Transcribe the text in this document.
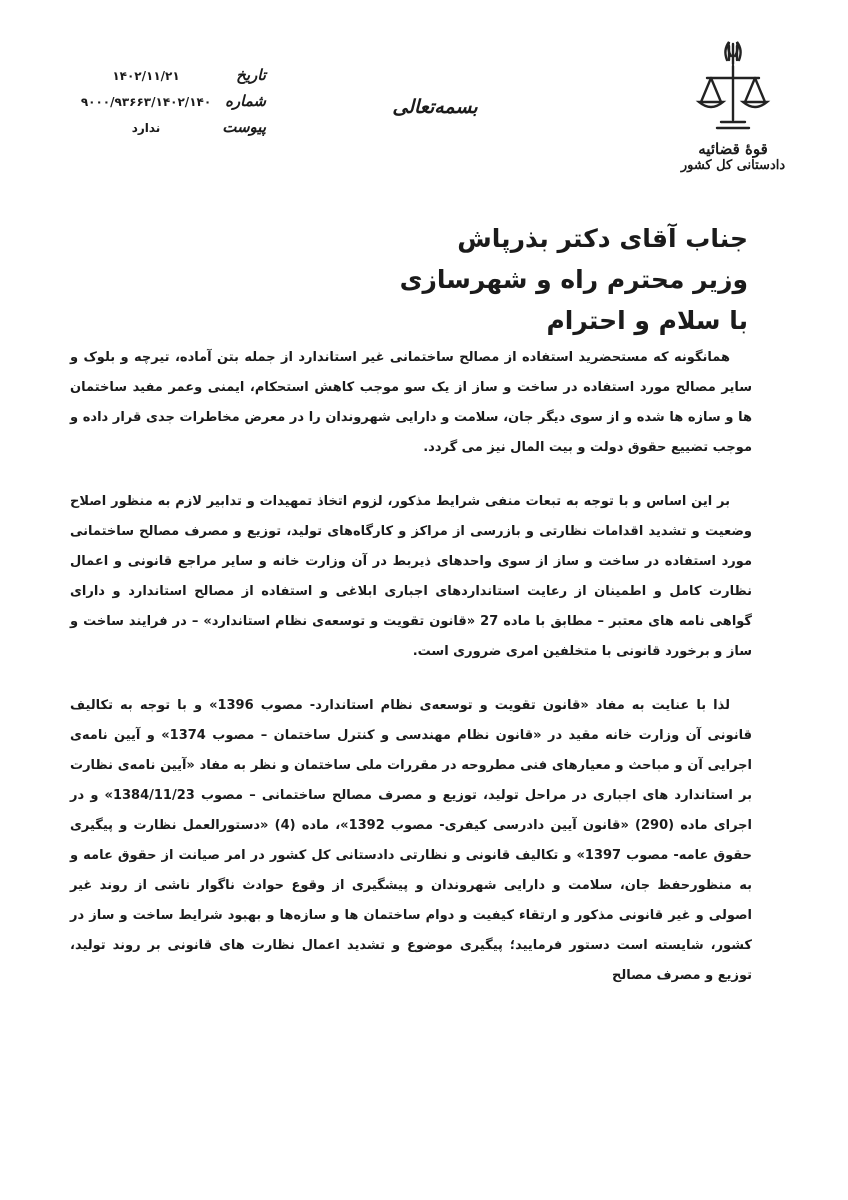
قوهٔ قضائیه
دادستانی کل کشور
بسمه‌تعالی
تاریخ
۱۴۰۲/۱۱/۲۱
شماره
۹۰۰۰/۹۳۶۶۳/۱۴۰۲/۱۴۰
پیوست
ندارد
جناب آقای دکتر بذرپاش
وزیر محترم راه و شهرسازی
با سلام و احترام

همانگونه که مستحضرید استفاده از مصالح ساختمانی غیر استاندارد از جمله بتن آماده، تیرچه و بلوک و سایر مصالح مورد استفاده در ساخت و ساز از یک سو موجب کاهش استحکام، ایمنی وعمر مفید ساختمان ها و سازه ها شده و از سوی دیگر جان، سلامت و دارایی شهروندان را در معرض مخاطرات جدی قرار داده و موجب تضییع حقوق دولت و بیت المال نیز می گردد.

بر این اساس و با توجه به تبعات منفی شرایط مذکور، لزوم اتخاذ تمهیدات و تدابیر لازم به منظور اصلاح وضعیت و تشدید اقدامات نظارتی و بازرسی از مراکز و کارگاه‌های تولید، توزیع و مصرف مصالح ساختمانی مورد استفاده در ساخت و ساز از سوی واحدهای ذیربط در آن وزارت خانه و سایر مراجع قانونی و اعمال نظارت کامل و اطمینان از رعایت استانداردهای اجباری ابلاغی و استفاده از مصالح استاندارد و دارای گواهی نامه های معتبر – مطابق با ماده 27 «قانون تقویت و توسعه‌ی نظام استاندارد» – در فرایند ساخت و ساز و برخورد قانونی با متخلفین امری ضروری است.

لذا با عنایت به مفاد «قانون تقویت و توسعه‌ی نظام استاندارد- مصوب 1396» و با توجه به تکالیف قانونی آن وزارت خانه مقید در «قانون نظام مهندسی و کنترل ساختمان – مصوب 1374» و آیین نامه‌ی اجرایی آن و مباحث و معیارهای فنی مطروحه در مقررات ملی ساختمان و نظر به مفاد «آیین نامه‌ی نظارت بر استاندارد های اجباری در مراحل تولید، توزیع و مصرف مصالح ساختمانی – مصوب 1384/11/23» و در اجرای ماده (290) «قانون آیین دادرسی کیفری- مصوب 1392»، ماده (4) «دستورالعمل نظارت و پیگیری حقوق عامه- مصوب 1397» و تکالیف قانونی و نظارتی دادستانی کل کشور در امر صیانت از حقوق عامه و به منظورحفظ جان، سلامت و دارایی شهروندان و پیشگیری از وقوع حوادث ناگوار ناشی از روند غیر اصولی و غیر قانونی مذکور و ارتقاء کیفیت و دوام ساختمان ها و سازه‌ها و بهبود شرایط ساخت و ساز در کشور، شایسته است دستور فرمایید؛ پیگیری موضوع و تشدید اعمال نظارت های قانونی بر روند تولید، توزیع و مصرف مصالح
